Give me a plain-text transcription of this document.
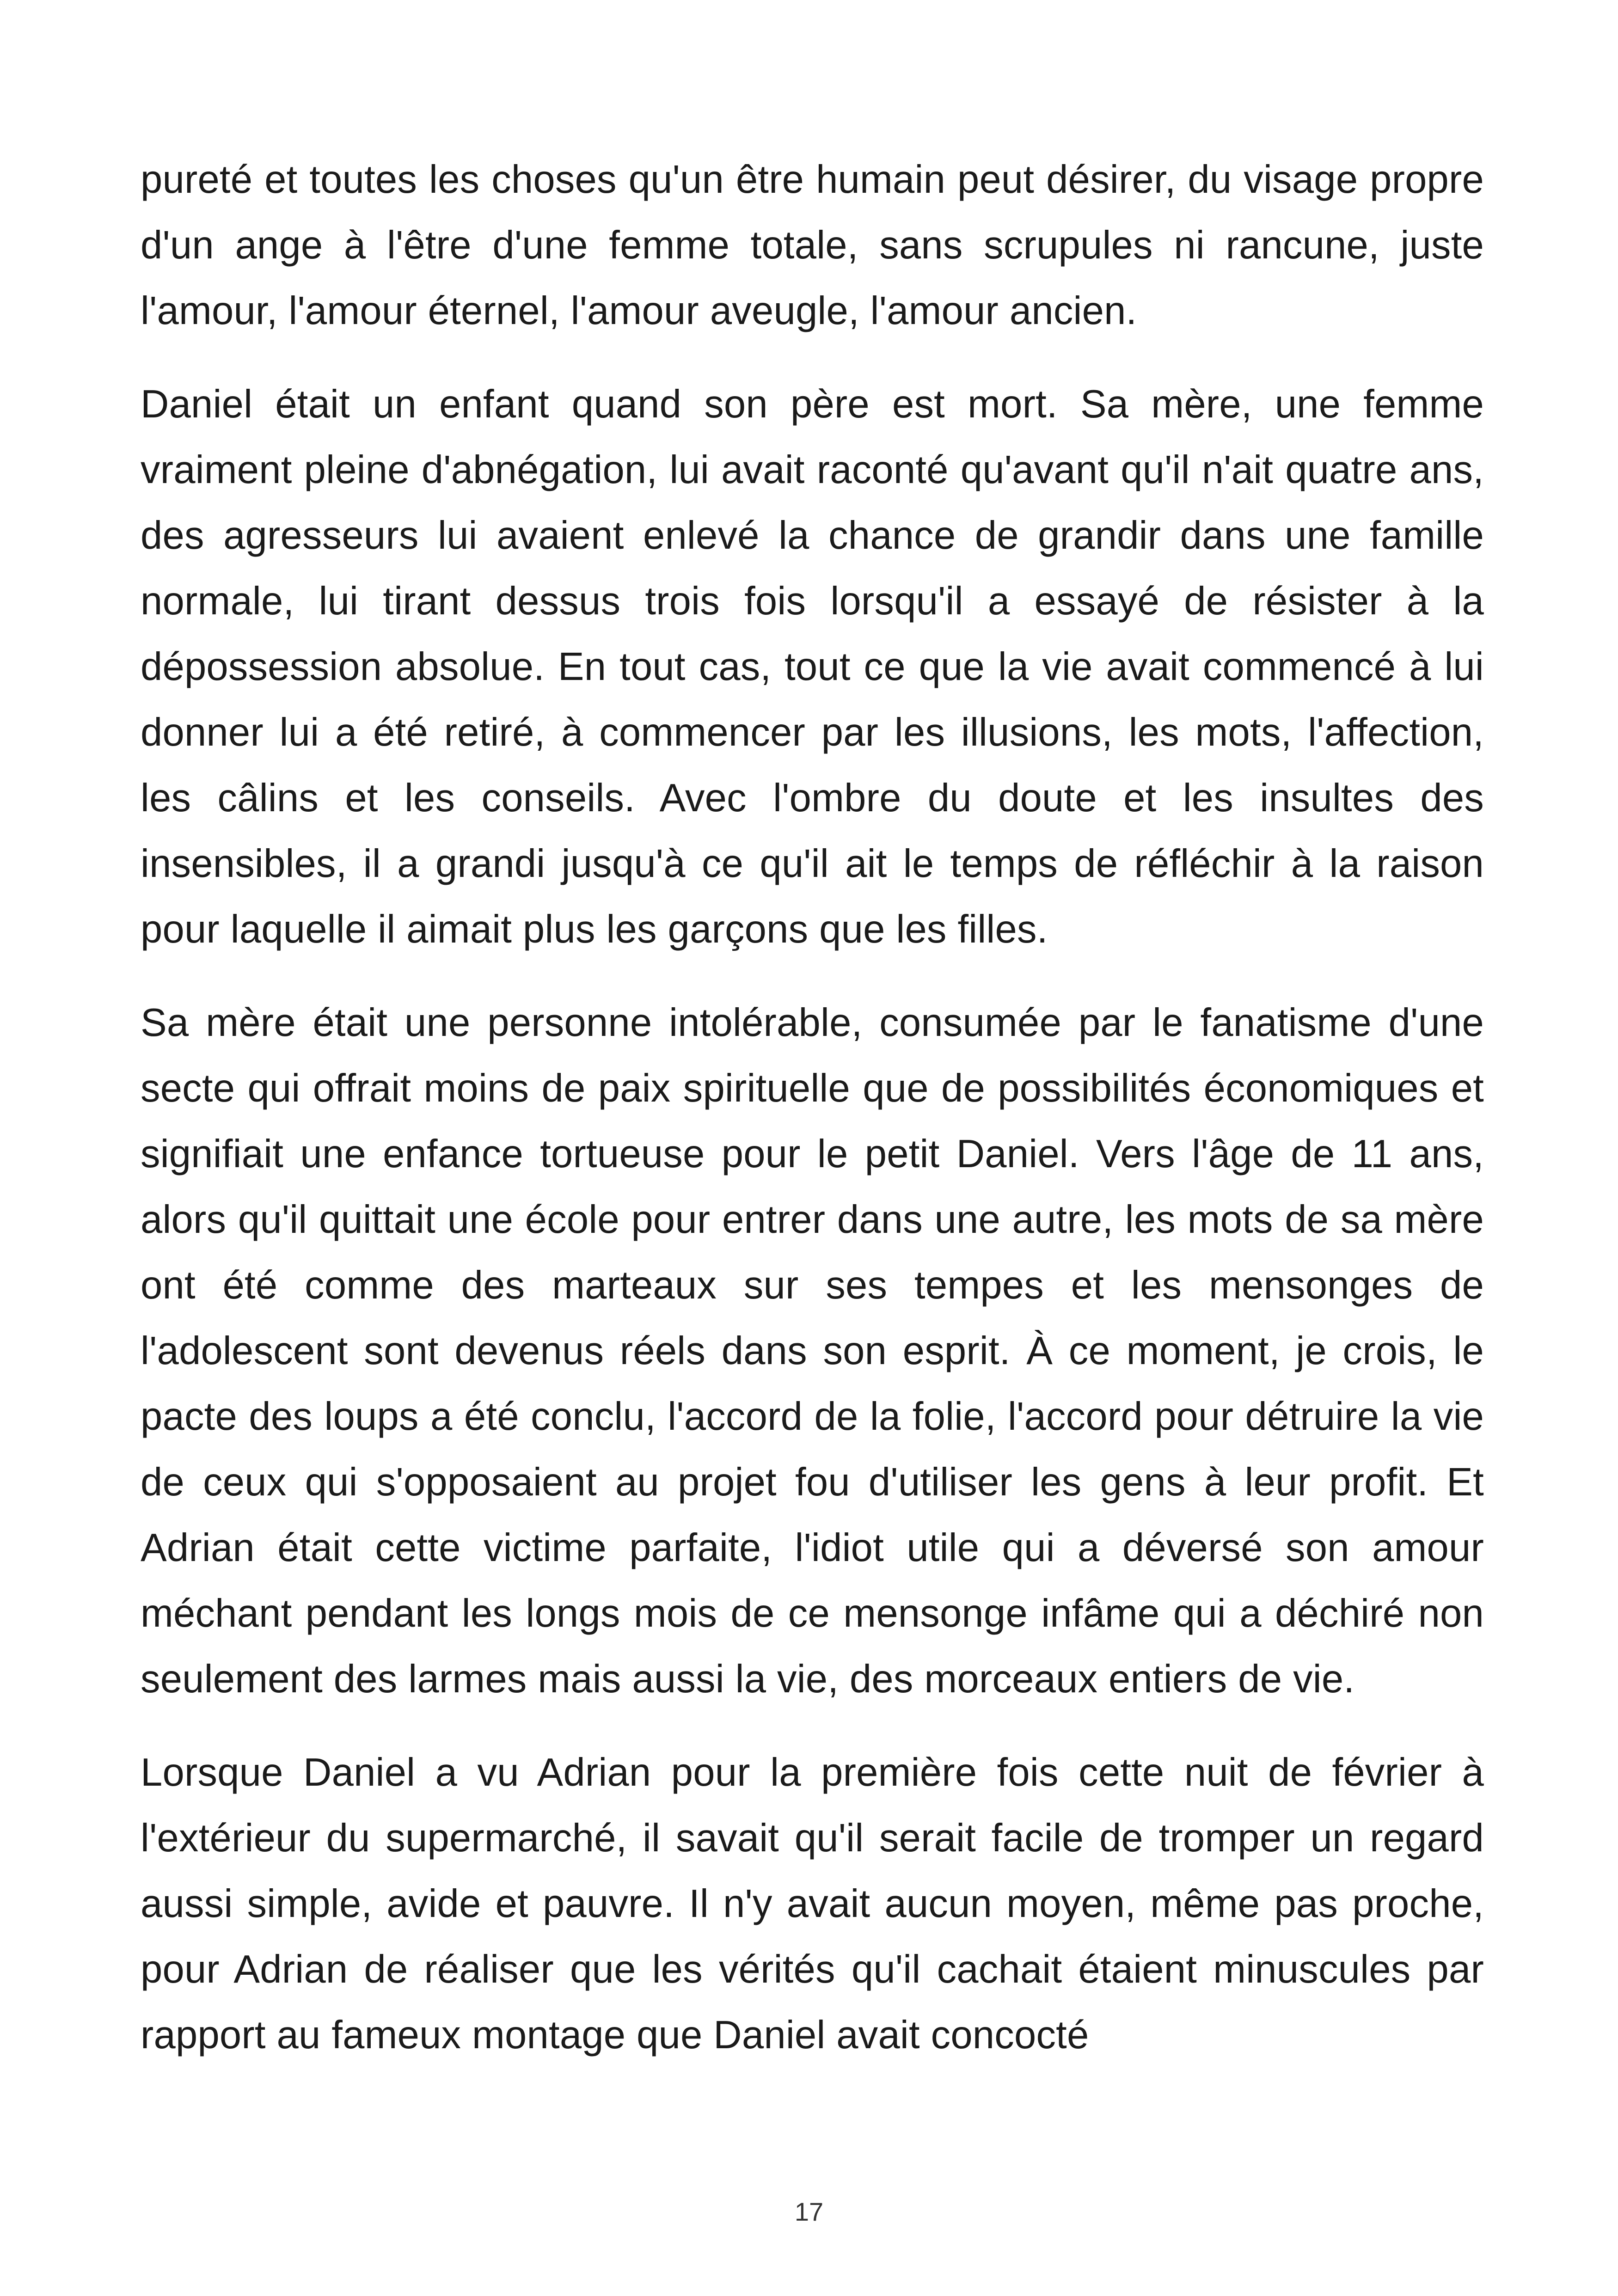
pureté et toutes les choses qu'un être humain peut désirer, du visage propre d'un ange à l'être d'une femme totale, sans scrupules ni rancune, juste l'amour, l'amour éternel, l'amour aveugle, l'amour ancien.

Daniel était un enfant quand son père est mort. Sa mère, une femme vraiment pleine d'abnégation, lui avait raconté qu'avant qu'il n'ait quatre ans, des agresseurs lui avaient enlevé la chance de grandir dans une famille normale, lui tirant dessus trois fois lorsqu'il a essayé de résister à la dépossession absolue. En tout cas, tout ce que la vie avait commencé à lui donner lui a été retiré, à commencer par les illusions, les mots, l'affection, les câlins et les conseils. Avec l'ombre du doute et les insultes des insensibles, il a grandi jusqu'à ce qu'il ait le temps de réfléchir à la raison pour laquelle il aimait plus les garçons que les filles.

Sa mère était une personne intolérable, consumée par le fanatisme d'une secte qui offrait moins de paix spirituelle que de possibilités économiques et signifiait une enfance tortueuse pour le petit Daniel. Vers l'âge de 11 ans, alors qu'il quittait une école pour entrer dans une autre, les mots de sa mère ont été comme des marteaux sur ses tempes et les mensonges de l'adolescent sont devenus réels dans son esprit. À ce moment, je crois, le pacte des loups a été conclu, l'accord de la folie, l'accord pour détruire la vie de ceux qui s'opposaient au projet fou d'utiliser les gens à leur profit. Et Adrian était cette victime parfaite, l'idiot utile qui a déversé son amour méchant pendant les longs mois de ce mensonge infâme qui a déchiré non seulement des larmes mais aussi la vie, des morceaux entiers de vie.

Lorsque Daniel a vu Adrian pour la première fois cette nuit de février à l'extérieur du supermarché, il savait qu'il serait facile de tromper un regard aussi simple, avide et pauvre. Il n'y avait aucun moyen, même pas proche, pour Adrian de réaliser que les vérités qu'il cachait étaient minuscules par rapport au fameux montage que Daniel avait concocté

17
